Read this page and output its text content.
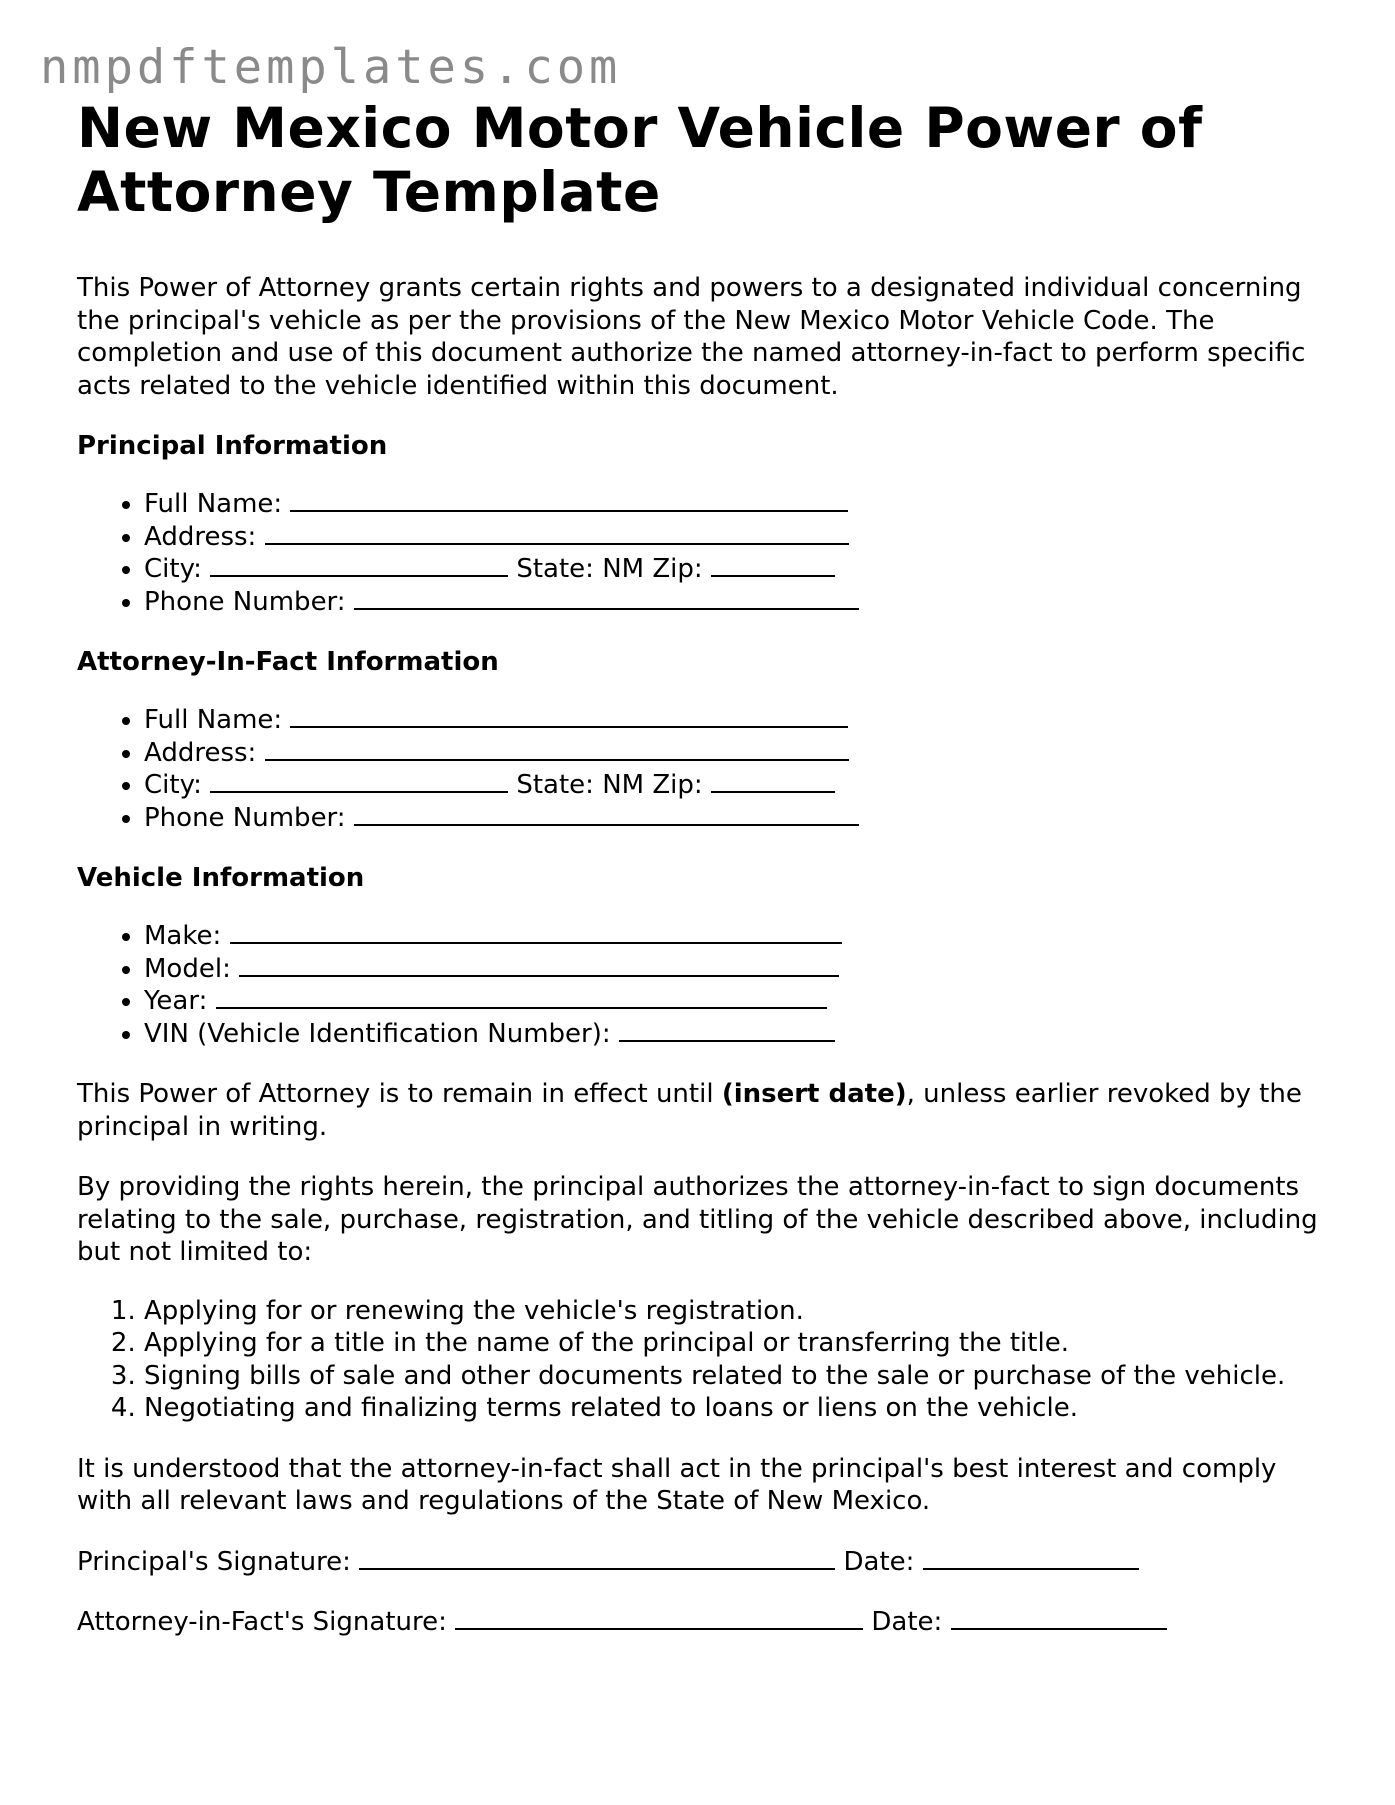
nmpdftemplates.com
New Mexico Motor Vehicle Power of Attorney Template

This Power of Attorney grants certain rights and powers to a designated individual concerning the principal's vehicle as per the provisions of the New Mexico Motor Vehicle Code. The completion and use of this document authorize the named attorney-in-fact to perform specific acts related to the vehicle identified within this document.

Principal Information
• Full Name:
• Address:
• City:	State: NM Zip:
• Phone Number:
Attorney-In-Fact Information
• Full Name:
• Address:
• City:	State: NM Zip:
• Phone Number:
Vehicle Information
• Make:
• Model:
• Year:
• VIN (Vehicle Identification Number):

This Power of Attorney is to remain in effect until (insert date), unless earlier revoked by the principal in writing.

By providing the rights herein, the principal authorizes the attorney-in-fact to sign documents relating to the sale, purchase, registration, and titling of the vehicle described above, including but not limited to:

1. Applying for or renewing the vehicle's registration.
2. Applying for a title in the name of the principal or transferring the title.
3. Signing bills of sale and other documents related to the sale or purchase of the vehicle.
4. Negotiating and finalizing terms related to loans or liens on the vehicle.

It is understood that the attorney-in-fact shall act in the principal's best interest and comply with all relevant laws and regulations of the State of New Mexico.

Principal's Signature:	Date:

Attorney-in-Fact's Signature:	Date:
